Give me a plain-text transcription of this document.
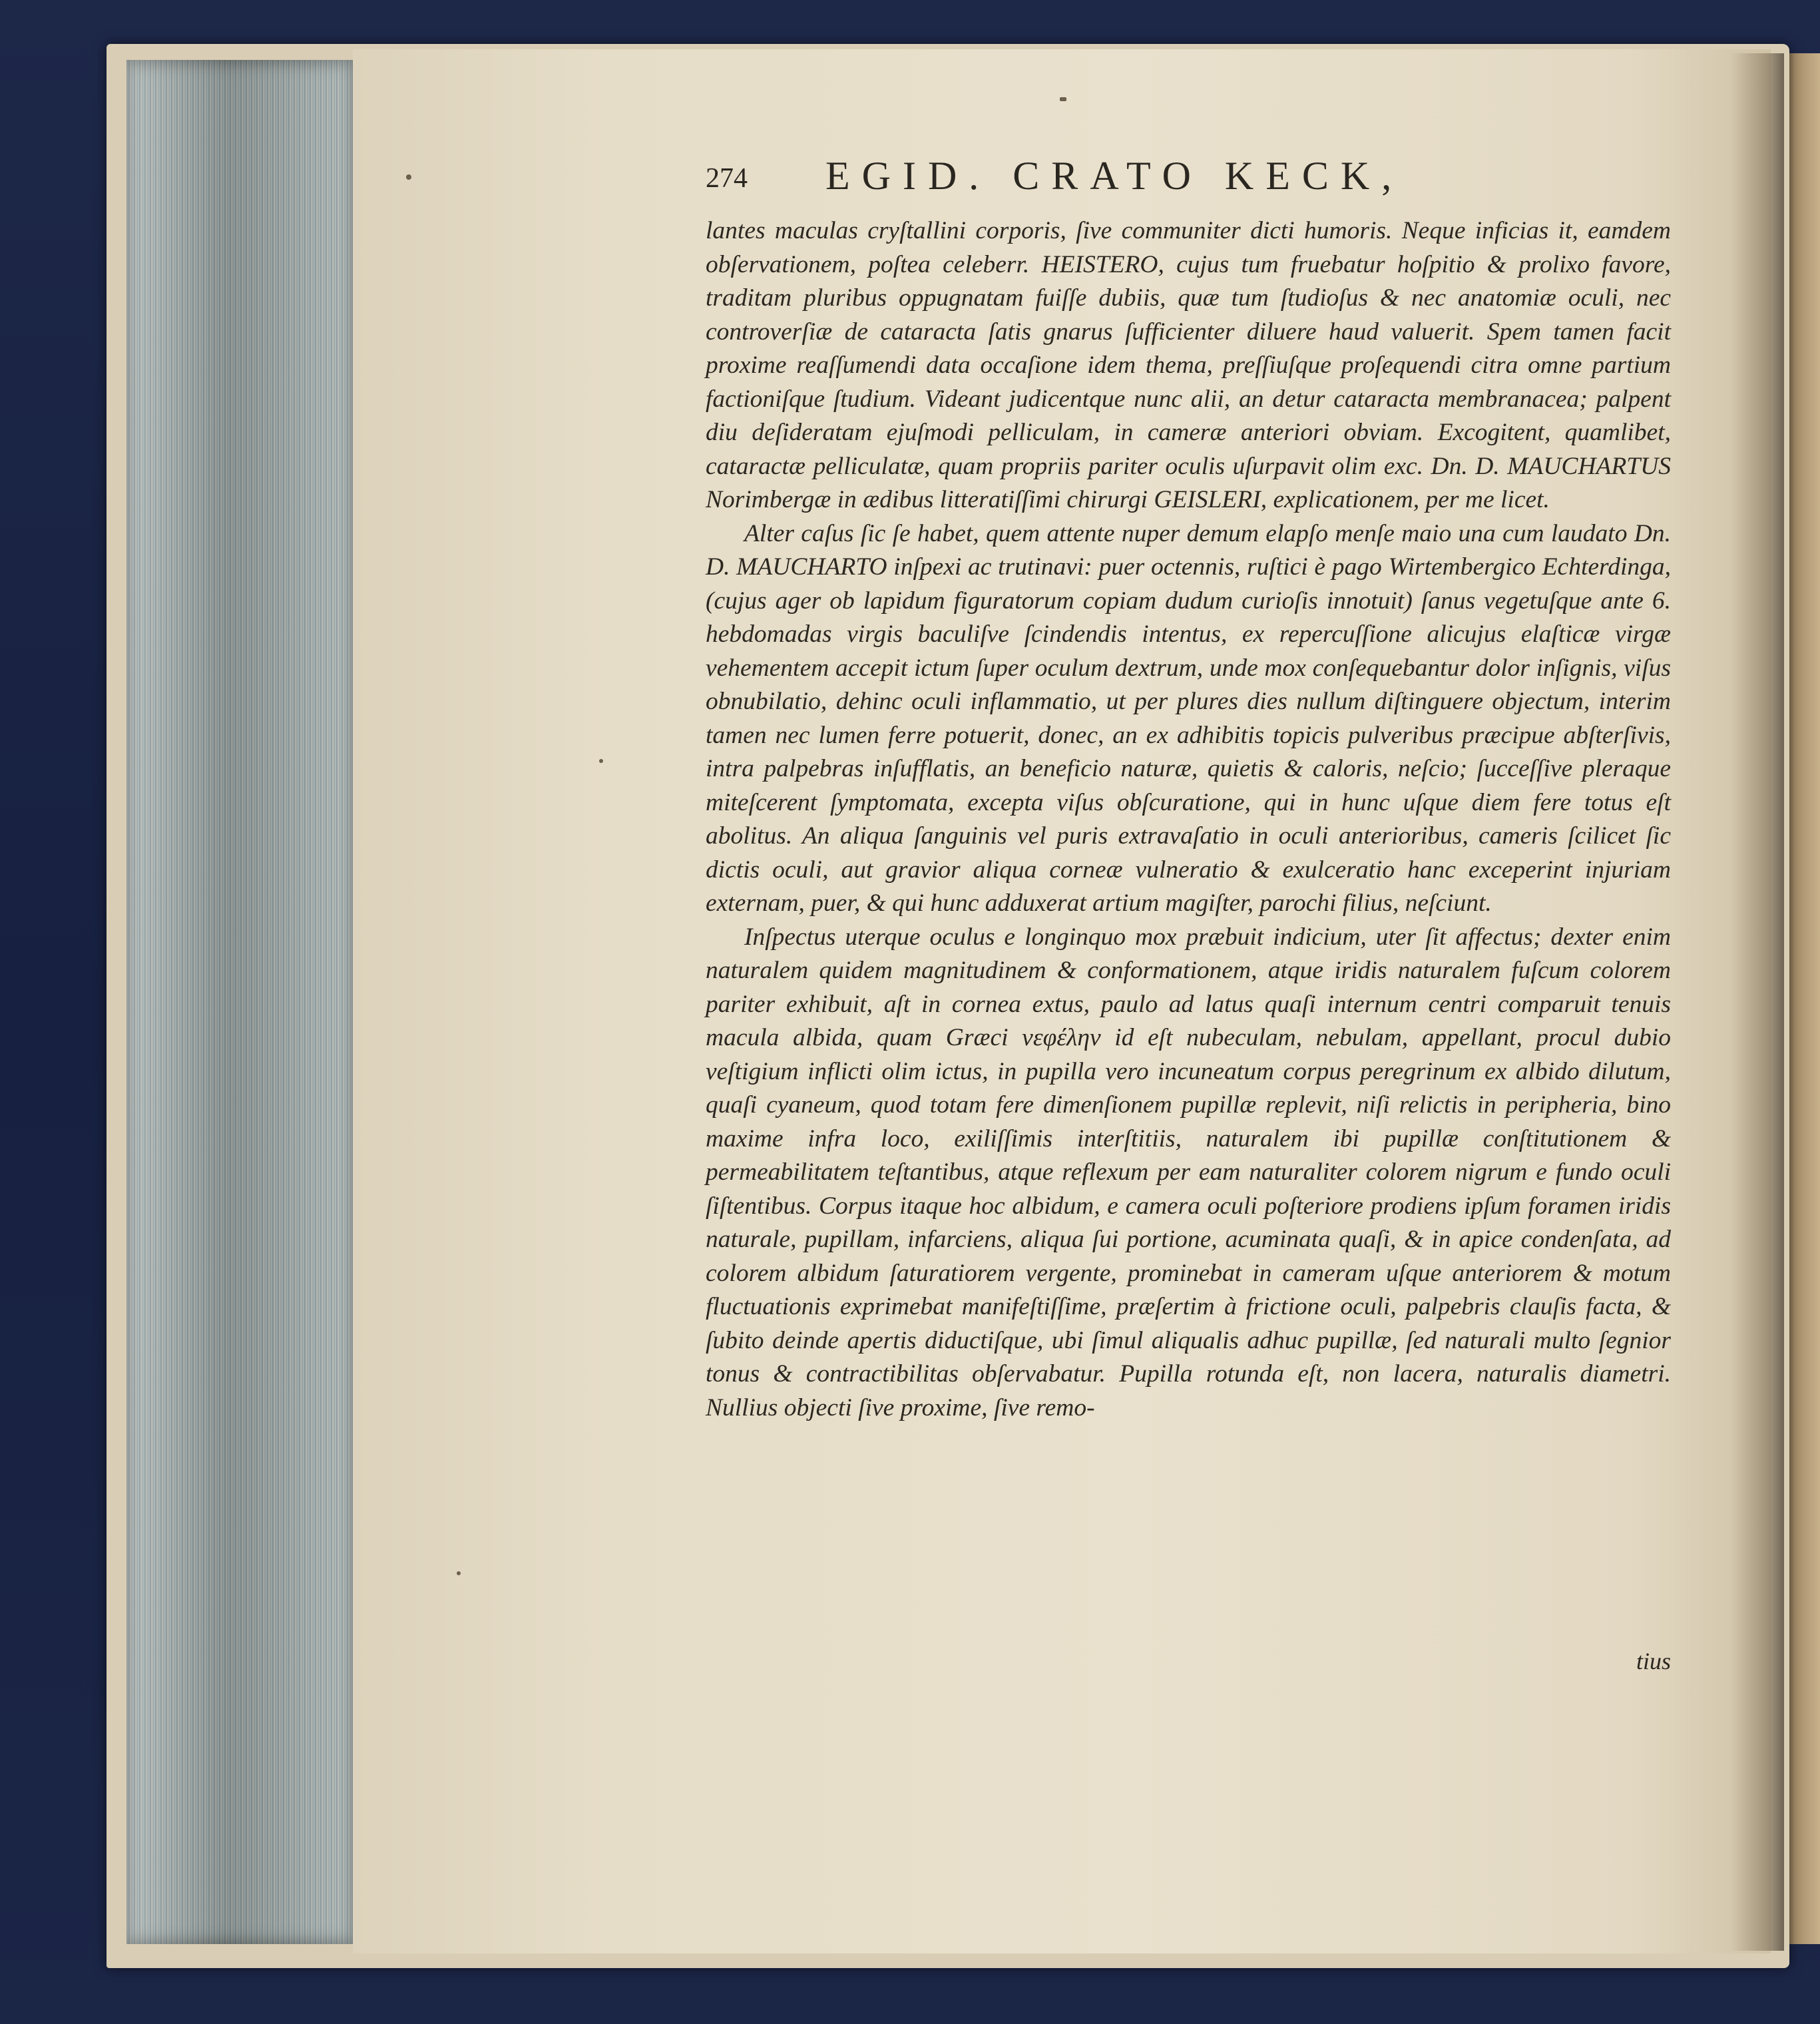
274 EGID. CRATO KECK,

lantes maculas cryſtallini corporis, ſive communiter dicti humoris. Neque inficias it, eamdem obſervationem, poſtea celeberr. HEISTERO, cujus tum fruebatur hoſpitio & prolixo favore, traditam pluribus oppugnatam fuiſſe dubiis, quæ tum ſtudioſus & nec anatomiæ oculi, nec controverſiæ de cataracta ſatis gnarus ſufficienter diluere haud valuerit. Spem tamen facit proxime reaſſumendi data occaſione idem thema, preſſiuſque proſequendi citra omne partium factioniſque ſtudium. Videant judicentque nunc alii, an detur cataracta membranacea; palpent diu deſideratam ejuſmodi pelliculam, in cameræ anteriori obviam. Excogitent, quamlibet, cataractæ pelliculatæ, quam propriis pariter oculis uſurpavit olim exc. Dn. D. MAUCHARTUS Norimbergæ in ædibus litteratiſſimi chirurgi GEISLERI, explicationem, per me licet.

Alter caſus ſic ſe habet, quem attente nuper demum elapſo menſe maio una cum laudato Dn. D. MAUCHARTO inſpexi ac trutinavi: puer octennis, ruſtici è pago Wirtembergico Echterdinga, (cujus ager ob lapidum figuratorum copiam dudum curioſis innotuit) ſanus vegetuſque ante 6. hebdomadas virgis baculiſve ſcindendis intentus, ex repercuſſione alicujus elaſticæ virgæ vehementem accepit ictum ſuper oculum dextrum, unde mox conſequebantur dolor inſignis, viſus obnubilatio, dehinc oculi inflammatio, ut per plures dies nullum diſtinguere objectum, interim tamen nec lumen ferre potuerit, donec, an ex adhibitis topicis pulveribus præcipue abſterſivis, intra palpebras inſufflatis, an beneficio naturæ, quietis & caloris, neſcio; ſucceſſive pleraque miteſcerent ſymptomata, excepta viſus obſcuratione, qui in hunc uſque diem fere totus eſt abolitus. An aliqua ſanguinis vel puris extravaſatio in oculi anterioribus, cameris ſcilicet ſic dictis oculi, aut gravior aliqua corneæ vulneratio & exulceratio hanc exceperint injuriam externam, puer, & qui hunc adduxerat artium magiſter, parochi filius, neſciunt.

Inſpectus uterque oculus e longinquo mox præbuit indicium, uter ſit affectus; dexter enim naturalem quidem magnitudinem & conformationem, atque iridis naturalem fuſcum colorem pariter exhibuit, aſt in cornea extus, paulo ad latus quaſi internum centri comparuit tenuis macula albida, quam Græci νεφέλην id eſt nubeculam, nebulam, appellant, procul dubio veſtigium inflicti olim ictus, in pupilla vero incuneatum corpus peregrinum ex albido dilutum, quaſi cyaneum, quod totam fere dimenſionem pupillæ replevit, niſi relictis in peripheria, bino maxime infra loco, exiliſſimis interſtitiis, naturalem ibi pupillæ conſtitutionem & permeabilitatem teſtantibus, atque reflexum per eam naturaliter colorem nigrum e fundo oculi ſiſtentibus. Corpus itaque hoc albidum, e camera oculi poſteriore prodiens ipſum foramen iridis naturale, pupillam, infarciens, aliqua ſui portione, acuminata quaſi, & in apice condenſata, ad colorem albidum ſaturatiorem vergente, prominebat in cameram uſque anteriorem & motum fluctuationis exprimebat manifeſtiſſime, præſertim à frictione oculi, palpebris clauſis facta, & ſubito deinde apertis diductiſque, ubi ſimul aliqualis adhuc pupillæ, ſed naturali multo ſegnior tonus & contractibilitas obſervabatur. Pupilla rotunda eſt, non lacera, naturalis diametri. Nullius objecti ſive proxime, ſive remo-

tius
